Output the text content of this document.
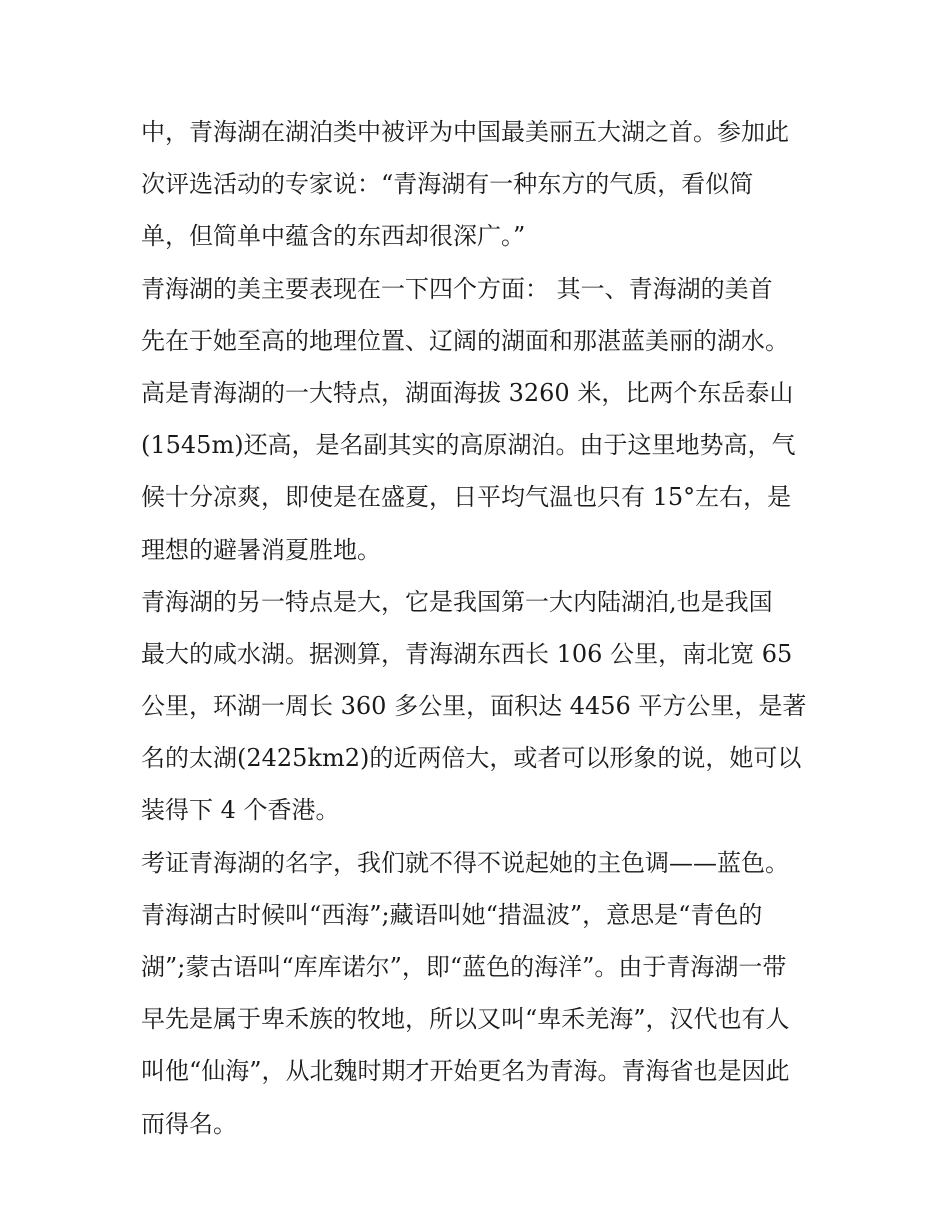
中，青海湖在湖泊类中被评为中国最美丽五大湖之首。参加此
次评选活动的专家说：“青海湖有一种东方的气质，看似简
单，但简单中蕴含的东西却很深广。”
青海湖的美主要表现在一下四个方面： 其一、青海湖的美首
先在于她至高的地理位置、辽阔的湖面和那湛蓝美丽的湖水。
高是青海湖的一大特点，湖面海拔 3260 米，比两个东岳泰山
(1545m)还高，是名副其实的高原湖泊。由于这里地势高，气
候十分凉爽，即使是在盛夏，日平均气温也只有 15°左右，是
理想的避暑消夏胜地。
青海湖的另一特点是大，它是我国第一大内陆湖泊,也是我国
最大的咸水湖。据测算，青海湖东西长 106 公里，南北宽 65
公里，环湖一周长 360 多公里，面积达 4456 平方公里，是著
名的太湖(2425km2)的近两倍大，或者可以形象的说，她可以
装得下 4 个香港。
考证青海湖的名字，我们就不得不说起她的主色调——蓝色。
青海湖古时候叫“西海”;藏语叫她“措温波”，意思是“青色的
湖”;蒙古语叫“库库诺尔”，即“蓝色的海洋”。由于青海湖一带
早先是属于卑禾族的牧地，所以又叫“卑禾羌海”，汉代也有人
叫他“仙海”，从北魏时期才开始更名为青海。青海省也是因此
而得名。
